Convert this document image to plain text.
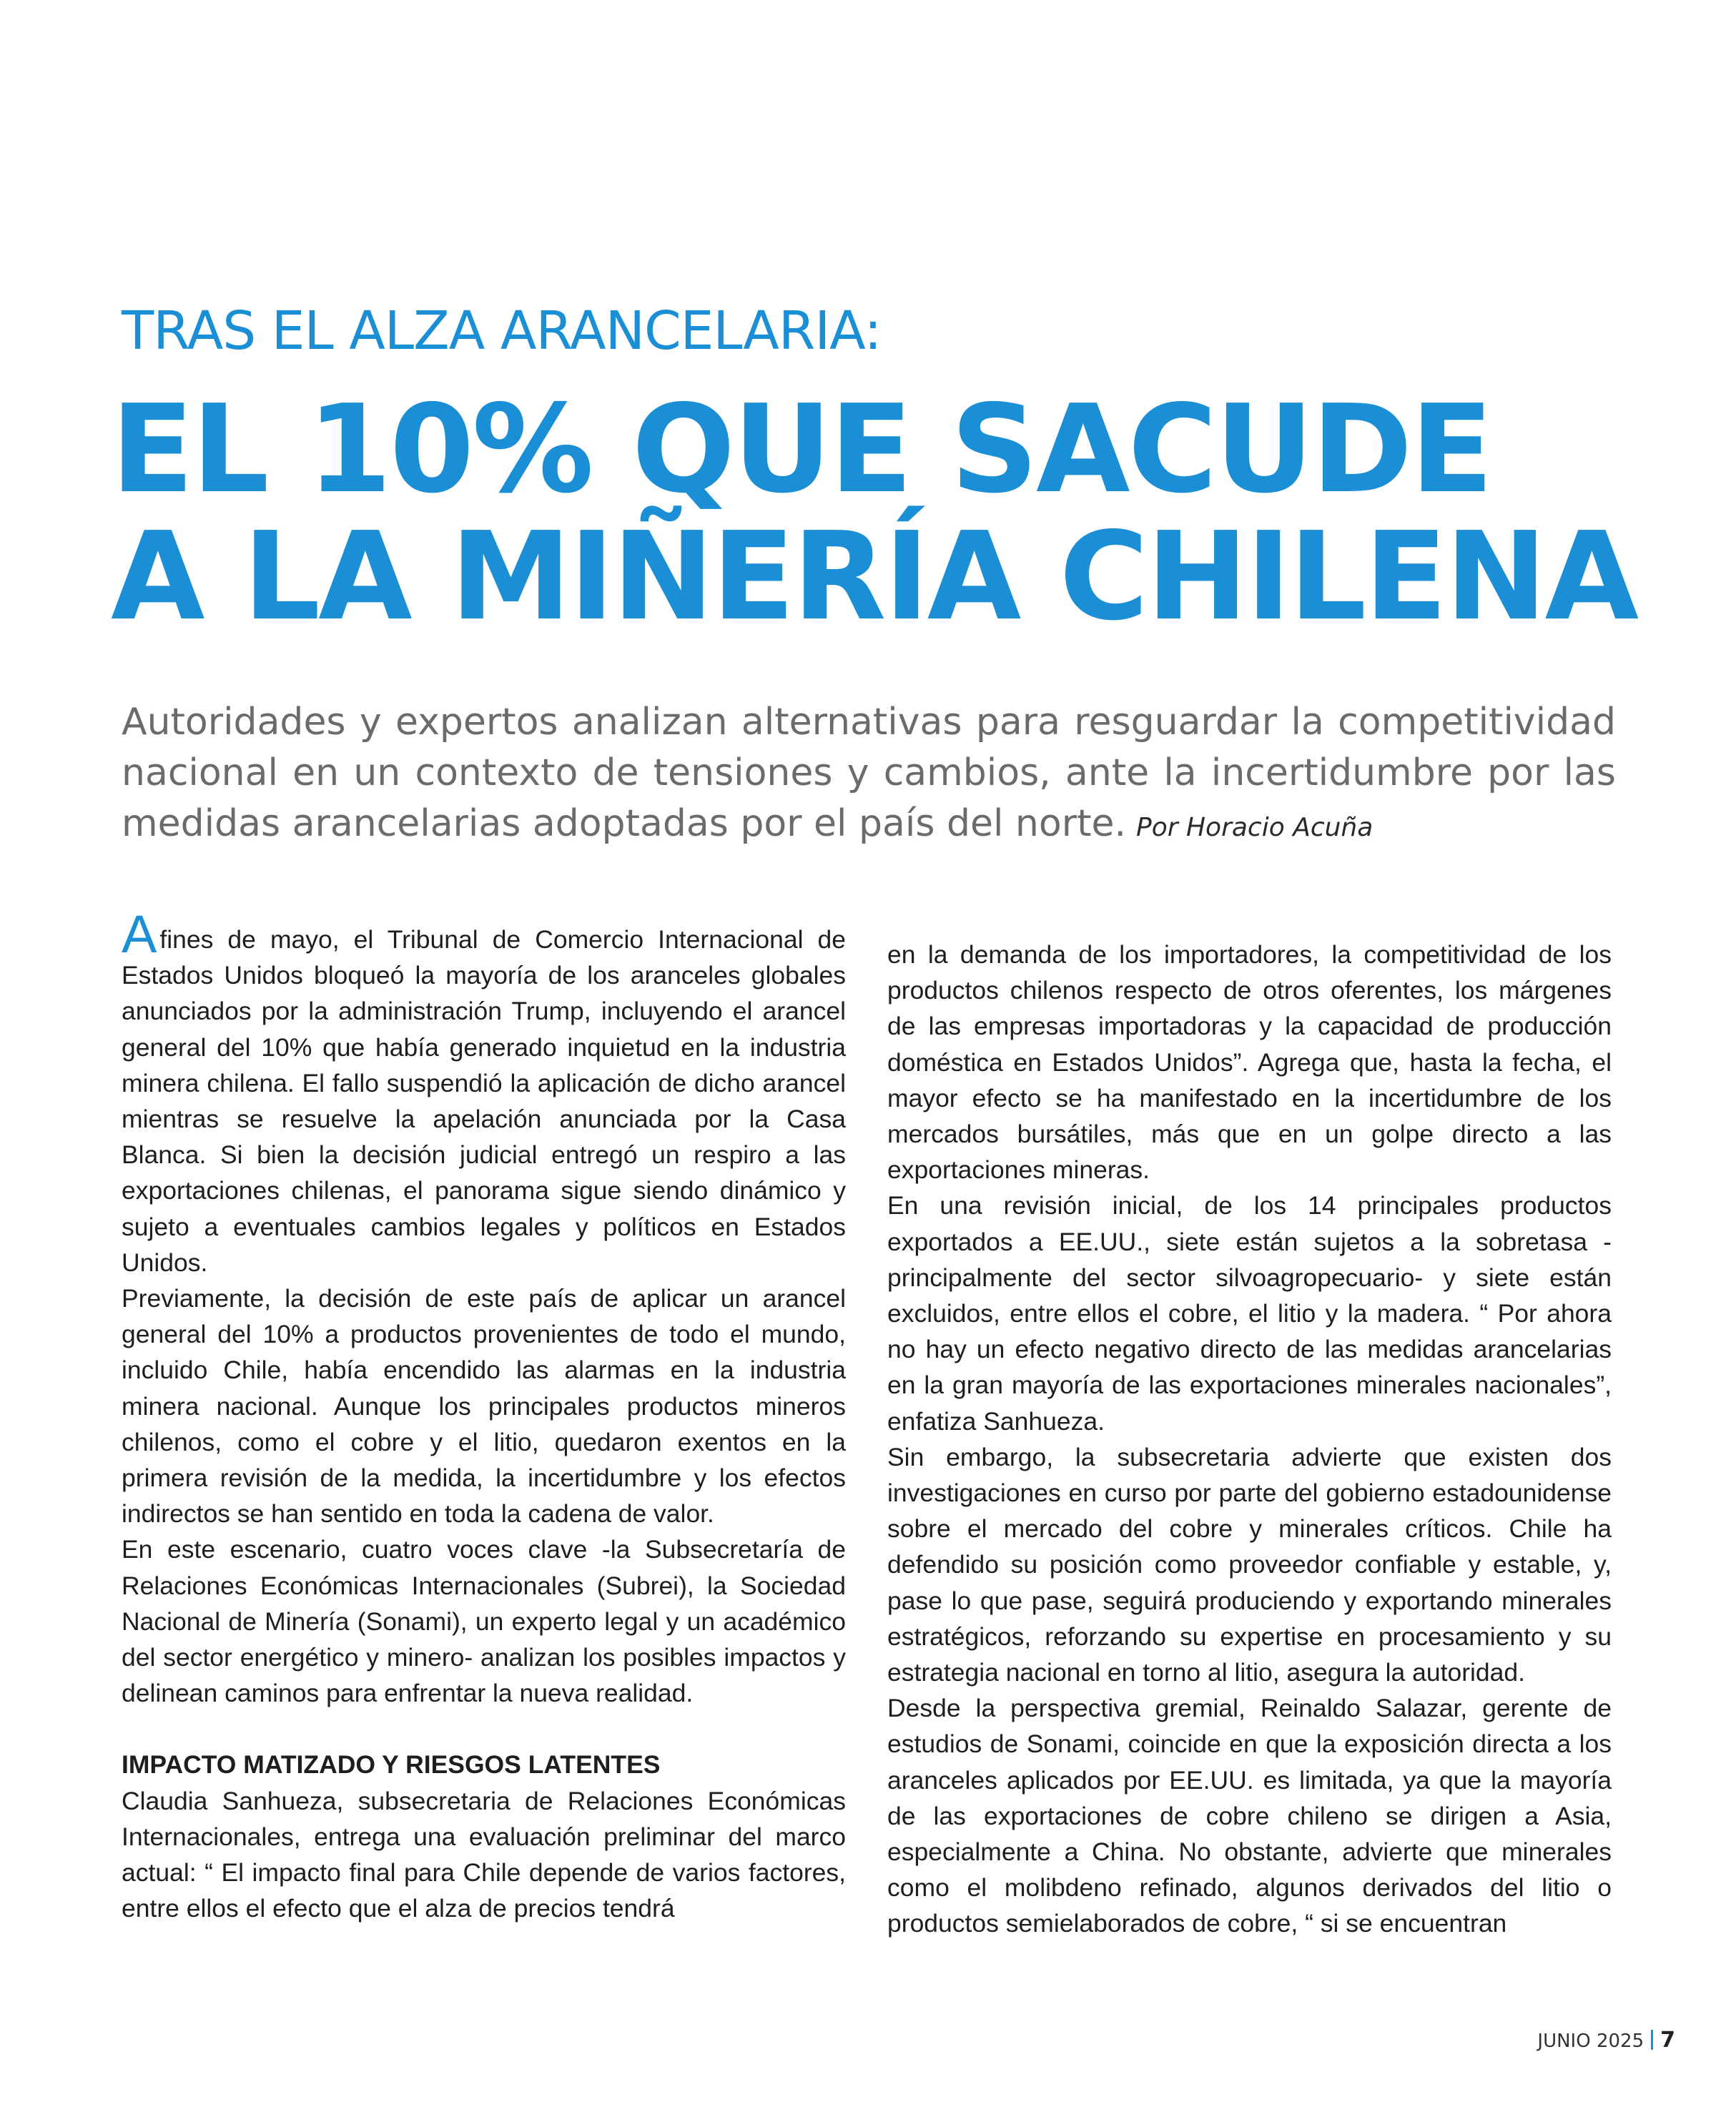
TRAS EL ALZA ARANCELARIA:
EL 10% QUE SACUDE
A LA MIÑERÍA CHILENA
Autoridades y expertos analizan alternativas para resguardar la competitividad nacional en un contexto de tensiones y cambios, ante la incertidumbre por las medidas arancelarias adoptadas por el país del norte. Por Horacio Acuña

Afines de mayo, el Tribunal de Comercio Internacional de Estados Unidos bloqueó la mayoría de los aranceles globales anunciados por la administración Trump, incluyendo el arancel general del 10% que había generado inquietud en la industria minera chilena. El fallo suspendió la aplicación de dicho arancel mientras se resuelve la apelación anunciada por la Casa Blanca. Si bien la decisión judicial entregó un respiro a las exportaciones chilenas, el panorama sigue siendo dinámico y sujeto a eventuales cambios legales y políticos en Estados Unidos.

Previamente, la decisión de este país de aplicar un arancel general del 10% a productos provenientes de todo el mundo, incluido Chile, había encendido las alarmas en la industria minera nacional. Aunque los principales productos mineros chilenos, como el cobre y el litio, quedaron exentos en la primera revisión de la medida, la incertidumbre y los efectos indirectos se han sentido en toda la cadena de valor.

En este escenario, cuatro voces clave -la Subsecretaría de Relaciones Económicas Internacionales (Subrei), la Sociedad Nacional de Minería (Sonami), un experto legal y un académico del sector energético y minero- analizan los posibles impactos y delinean caminos para enfrentar la nueva realidad.

IMPACTO MATIZADO Y RIESGOS LATENTES

Claudia Sanhueza, subsecretaria de Relaciones Económicas Internacionales, entrega una evaluación preliminar del marco actual: “ El impacto final para Chile depende de varios factores, entre ellos el efecto que el alza de precios tendrá

en la demanda de los importadores, la competitividad de los productos chilenos respecto de otros oferentes, los márgenes de las empresas importadoras y la capacidad de producción doméstica en Estados Unidos”. Agrega que, hasta la fecha, el mayor efecto se ha manifestado en la incertidumbre de los mercados bursátiles, más que en un golpe directo a las exportaciones mineras.

En una revisión inicial, de los 14 principales productos exportados a EE.UU., siete están sujetos a la sobretasa -principalmente del sector silvoagropecuario- y siete están excluidos, entre ellos el cobre, el litio y la madera. “ Por ahora no hay un efecto negativo directo de las medidas arancelarias en la gran mayoría de las exportaciones minerales nacionales”, enfatiza Sanhueza.

Sin embargo, la subsecretaria advierte que existen dos investigaciones en curso por parte del gobierno estadounidense sobre el mercado del cobre y minerales críticos. Chile ha defendido su posición como proveedor confiable y estable, y, pase lo que pase, seguirá produciendo y exportando minerales estratégicos, reforzando su expertise en procesamiento y su estrategia nacional en torno al litio, asegura la autoridad.

Desde la perspectiva gremial, Reinaldo Salazar, gerente de estudios de Sonami, coincide en que la exposición directa a los aranceles aplicados por EE.UU. es limitada, ya que la mayoría de las exportaciones de cobre chileno se dirigen a Asia, especialmente a China. No obstante, advierte que minerales como el molibdeno refinado, algunos derivados del litio o productos semielaborados de cobre, “ si se encuentran

JUNIO 2025 7
